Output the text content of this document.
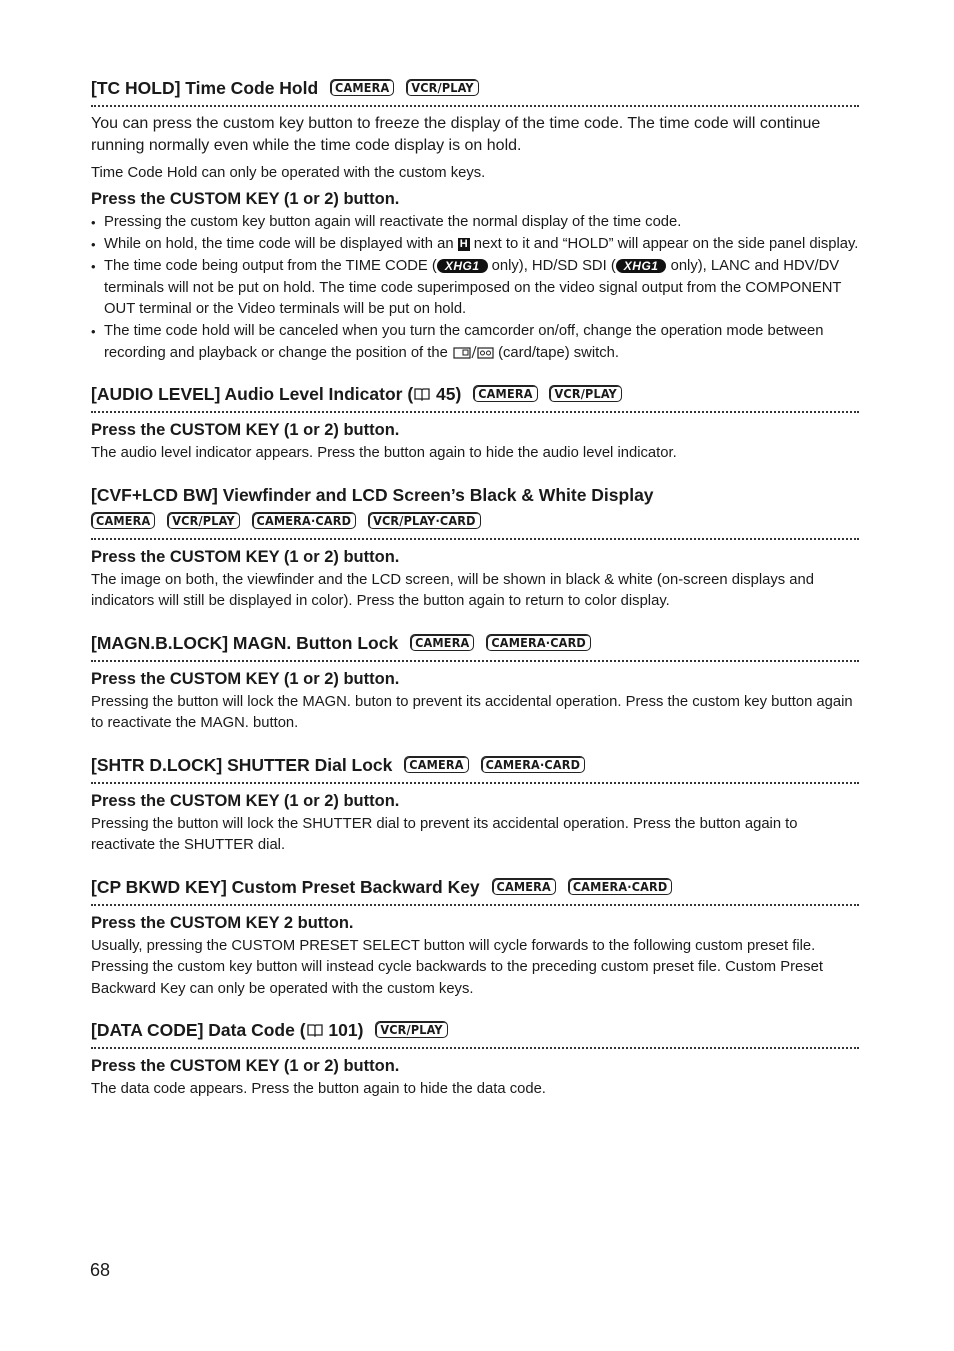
[TC HOLD] Time Code Hold CAMERA VCR/PLAY

You can press the custom key button to freeze the display of the time code. The time code will continue running normally even while the time code display is on hold.

Time Code Hold can only be operated with the custom keys.

Press the CUSTOM KEY (1 or 2) button.
• Pressing the custom key button again will reactivate the normal display of the time code.
• While on hold, the time code will be displayed with an H next to it and “HOLD” will appear on the side panel display.
• The time code being output from the TIME CODE ( XHG1 only), HD/SD SDI ( XHG1 only), LANC and HDV/DV terminals will not be put on hold. The time code superimposed on the video signal output from the COMPONENT OUT terminal or the Video terminals will be put on hold.
• The time code hold will be canceled when you turn the camcorder on/off, change the operation mode between recording and playback or change the position of the	(card/tape) switch.
[AUDIO LEVEL] Audio Level Indicator ( 45) CAMERA VCR/PLAY
Press the CUSTOM KEY (1 or 2) button.

The audio level indicator appears. Press the button again to hide the audio level indicator.

[CVF+LCD BW] Viewfinder and LCD Screen’s Black & White Display
CAMERA VCR/PLAY CAMERA·CARD VCR/PLAY·CARD
Press the CUSTOM KEY (1 or 2) button.

The image on both, the viewfinder and the LCD screen, will be shown in black & white (on-screen displays and indicators will still be displayed in color). Press the button again to return to color display.

[MAGN.B.LOCK] MAGN. Button Lock CAMERA CAMERA·CARD
Press the CUSTOM KEY (1 or 2) button.

Pressing the button will lock the MAGN. buton to prevent its accidental operation. Press the custom key button again to reactivate the MAGN. button.

[SHTR D.LOCK] SHUTTER Dial Lock CAMERA CAMERA·CARD
Press the CUSTOM KEY (1 or 2) button.

Pressing the button will lock the SHUTTER dial to prevent its accidental operation. Press the button again to reactivate the SHUTTER dial.

[CP BKWD KEY] Custom Preset Backward Key CAMERA CAMERA·CARD
Press the CUSTOM KEY 2 button.

Usually, pressing the CUSTOM PRESET SELECT button will cycle forwards to the following custom preset file. Pressing the custom key button will instead cycle backwards to the preceding custom preset file. Custom Preset Backward Key can only be operated with the custom keys.

[DATA CODE] Data Code ( 101) VCR/PLAY
Press the CUSTOM KEY (1 or 2) button.

The data code appears. Press the button again to hide the data code.

68
